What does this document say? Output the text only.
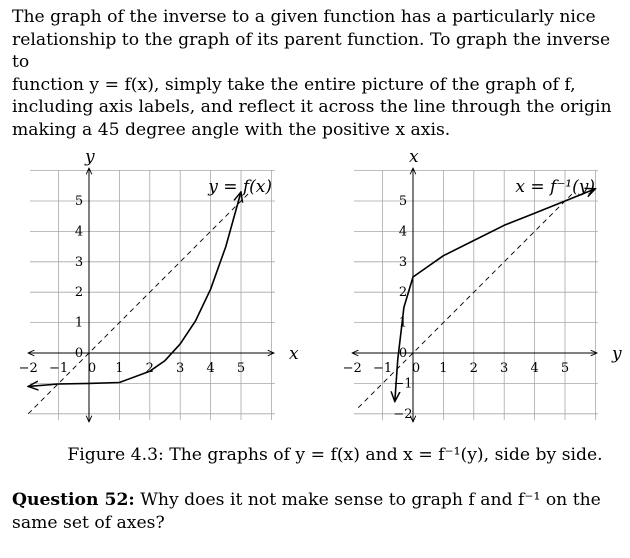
The graph of the inverse to a given function has a particularly nice
relationship to the graph of its parent function. To graph the inverse to
function y = f(x), simply take the entire picture of the graph of f,
including axis labels, and reflect it across the line through the origin
making a 45 degree angle with the positive x axis.

−2 −1 0 1 2 3 4 5
0
1
2
3
4
5
x
y
y = f(x)
−2 −1 0 1 2 3 4 5
−2
−1
0
1
2
3
4
5
y
x
x = f⁻¹(y)

Figure 4.3: The graphs of y = f(x) and x = f⁻¹(y), side by side.

Question 52: Why does it not make sense to graph f and f⁻¹ on the same set of axes?
